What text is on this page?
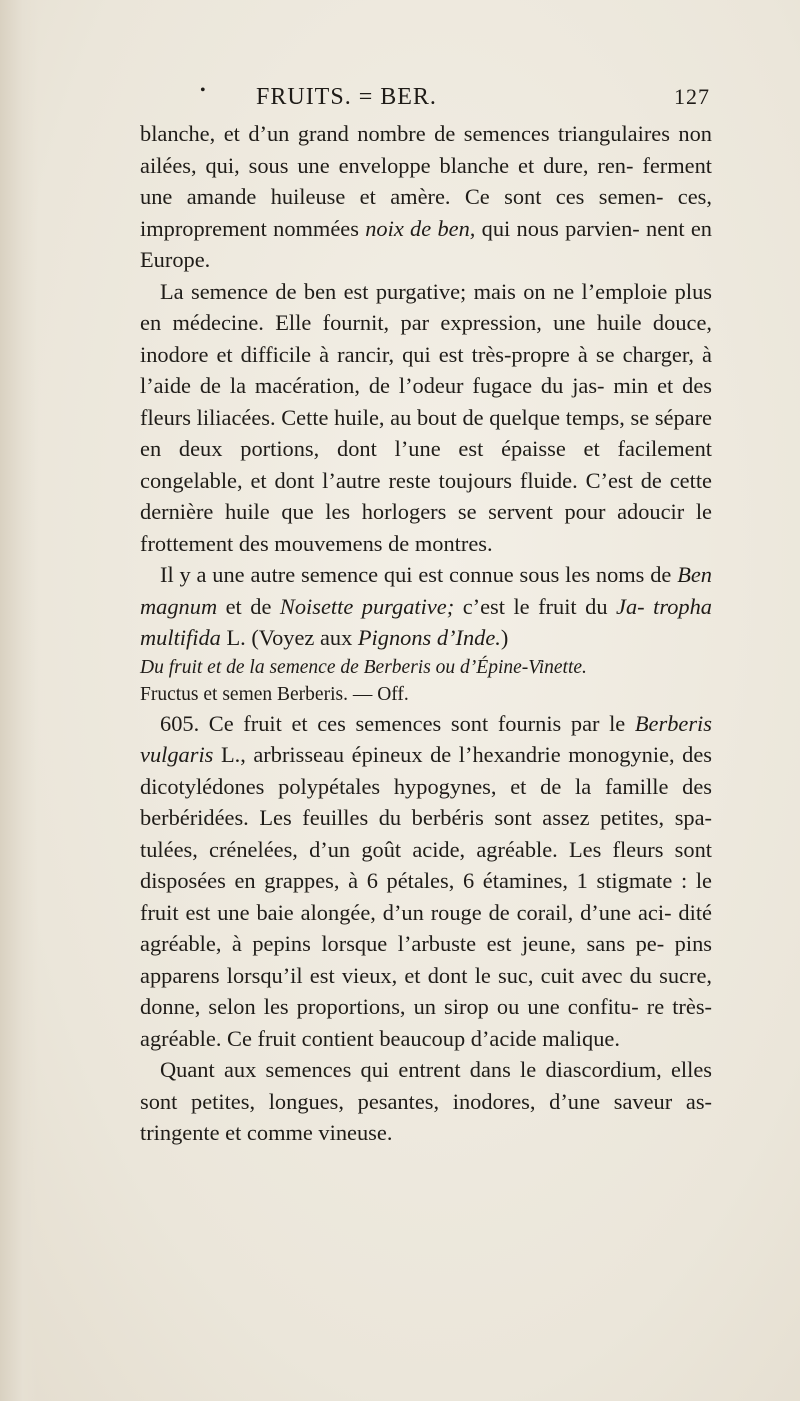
• FRUITS. = BER.	127

blanche, et d’un grand nombre de semences triangulaires non ailées, qui, sous une enveloppe blanche et dure, ren- ferment une amande huileuse et amère. Ce sont ces semen- ces, improprement nommées noix de ben, qui nous parvien- nent en Europe.

La semence de ben est purgative; mais on ne l’emploie plus en médecine. Elle fournit, par expression, une huile douce, inodore et difficile à rancir, qui est très-propre à se charger, à l’aide de la macération, de l’odeur fugace du jas- min et des fleurs liliacées. Cette huile, au bout de quelque temps, se sépare en deux portions, dont l’une est épaisse et facilement congelable, et dont l’autre reste toujours fluide. C’est de cette dernière huile que les horlogers se servent pour adoucir le frottement des mouvemens de montres.

Il y a une autre semence qui est connue sous les noms de Ben magnum et de Noisette purgative; c’est le fruit du Ja- tropha multifida L. (Voyez aux Pignons d’Inde.)

Du fruit et de la semence de Berberis ou d’Épine-Vinette.

Fructus et semen Berberis. — Off.

605. Ce fruit et ces semences sont fournis par le Berberis vulgaris L., arbrisseau épineux de l’hexandrie monogynie, des dicotylédones polypétales hypogynes, et de la famille des berbéridées. Les feuilles du berbéris sont assez petites, spa- tulées, crénelées, d’un goût acide, agréable. Les fleurs sont disposées en grappes, à 6 pétales, 6 étamines, 1 stigmate : le fruit est une baie alongée, d’un rouge de corail, d’une aci- dité agréable, à pepins lorsque l’arbuste est jeune, sans pe- pins apparens lorsqu’il est vieux, et dont le suc, cuit avec du sucre, donne, selon les proportions, un sirop ou une confitu- re très-agréable. Ce fruit contient beaucoup d’acide malique.

Quant aux semences qui entrent dans le diascordium, elles sont petites, longues, pesantes, inodores, d’une saveur as- tringente et comme vineuse.
